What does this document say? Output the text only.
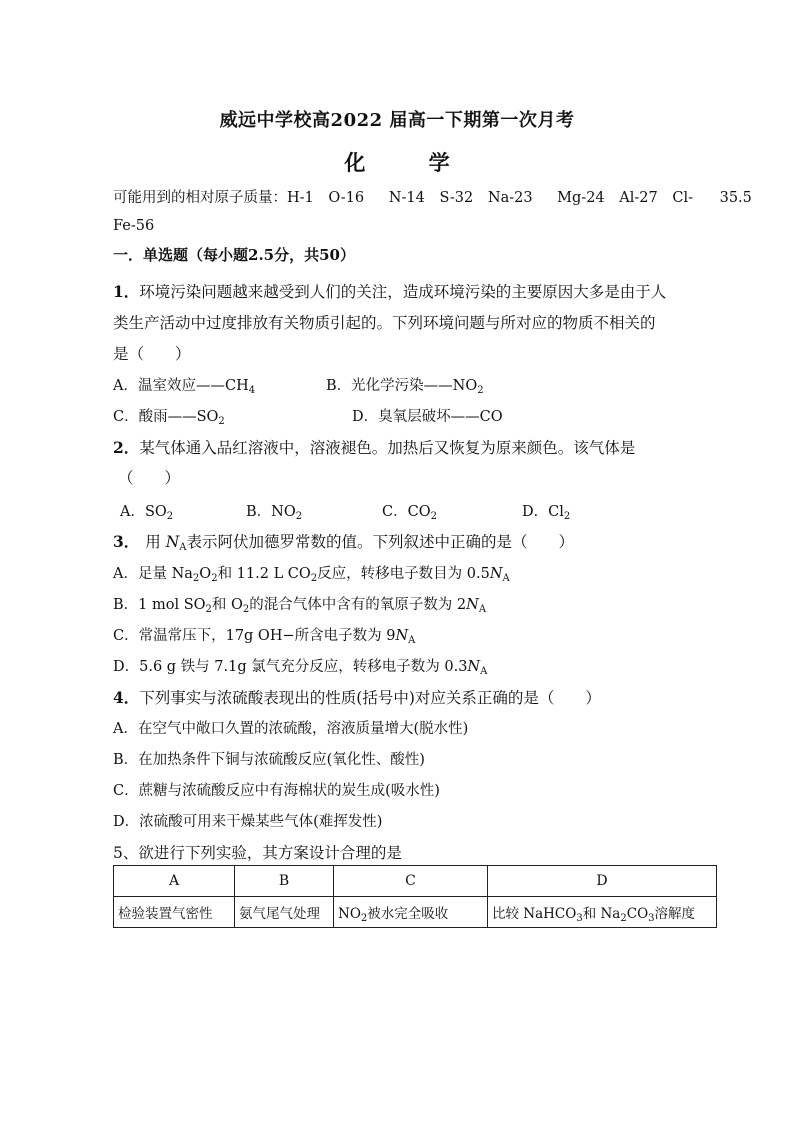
威远中学校高2022 届高一下期第一次月考
化 学
可能用到的相对原子质量：H-1 O-16 N-14 S-32 Na-23 Mg-24 Al-27 Cl- 35.5
Fe-56
一．单选题（每小题2.5分，共50）
1．环境污染问题越来越受到人们的关注，造成环境污染的主要原因大多是由于人
类生产活动中过度排放有关物质引起的。下列环境问题与所对应的物质不相关的
是（　　）
A．温室效应$——CH_4$	B．光化学污染$——NO_2$
C．酸雨$——SO_2$	D．臭氧层破坏——CO
2．某气体通入品红溶液中，溶液褪色。加热后又恢复为原来颜色。该气体是
（　　）
A．$SO_2$	B．$NO_2$	C．$CO_2$	D．$Cl_2$
3． 用 $N_A$表示阿伏加德罗常数的值。下列叙述中正确的是（　　）
A．足量 $Na_2O_2$和 11.2 L $CO_2$反应，转移电子数目为 $0.5N_A$
B．1 mol $SO_2$和 $O_2$的混合气体中含有的氧原子数为 $2N_A$
C．常温常压下，17g OH−所含电子数为 $9N_A$
D．5.6 g 铁与 7.1g 氯气充分反应，转移电子数为 $0.3N_A$
4．下列事实与浓硫酸表现出的性质(括号中)对应关系正确的是（　　）
A．在空气中敞口久置的浓硫酸，溶液质量增大(脱水性)
B．在加热条件下铜与浓硫酸反应(氧化性、酸性)
C．蔗糖与浓硫酸反应中有海棉状的炭生成(吸水性)
D．浓硫酸可用来干燥某些气体(难挥发性)
5、欲进行下列实验，其方案设计合理的是
A	B	C	D
检验装置气密性	氨气尾气处理	$NO_2$被水完全吸收	比较 NaHCO$_3$和 $Na_2CO_3$溶解度
